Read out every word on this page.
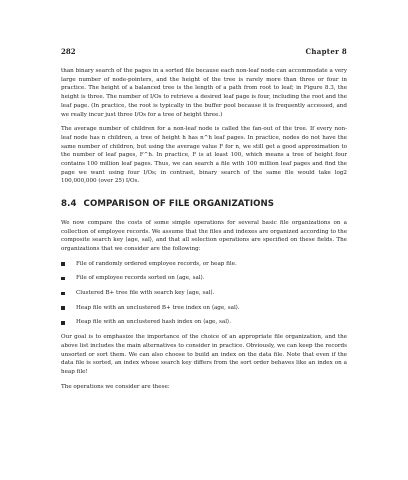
282	Chapter 8

than binary search of the pages in a sorted file because each non-leaf node can accommodate a very large number of node-pointers, and the height of the tree is rarely more than three or four in practice. The height of a balanced tree is the length of a path from root to leaf; in Figure 8.3, the height is three. The number of I/Os to retrieve a desired leaf page is four, including the root and the leaf page. (In practice, the root is typically in the buffer pool because it is frequently accessed, and we really incur just three I/Os for a tree of height three.)

The average number of children for a non-leaf node is called the fan-out of the tree. If every non-leaf node has n children, a tree of height h has n^h leaf pages. In practice, nodes do not have the same number of children, but using the average value F for n, we still get a good approximation to the number of leaf pages, F^h. In practice, F is at least 100, which means a tree of height four contains 100 million leaf pages. Thus, we can search a file with 100 million leaf pages and find the page we want using four I/Os; in contrast, binary search of the same file would take log2 100,000,000 (over 25) I/Os.

8.4 COMPARISON OF FILE ORGANIZATIONS

We now compare the costs of some simple operations for several basic file organizations on a collection of employee records. We assume that the files and indexes are organized according to the composite search key ⟨age, sal⟩, and that all selection operations are specified on these fields. The organizations that we consider are the following:

File of randomly ordered employee records, or heap file.
File of employee records sorted on ⟨age, sal⟩.
Clustered B+ tree file with search key ⟨age, sal⟩.
Heap file with an unclustered B+ tree index on ⟨age, sal⟩.
Heap file with an unclustered hash index on ⟨age, sal⟩.

Our goal is to emphasize the importance of the choice of an appropriate file organization, and the above list includes the main alternatives to consider in practice. Obviously, we can keep the records unsorted or sort them. We can also choose to build an index on the data file. Note that even if the data file is sorted, an index whose search key differs from the sort order behaves like an index on a heap file!

The operations we consider are these:
